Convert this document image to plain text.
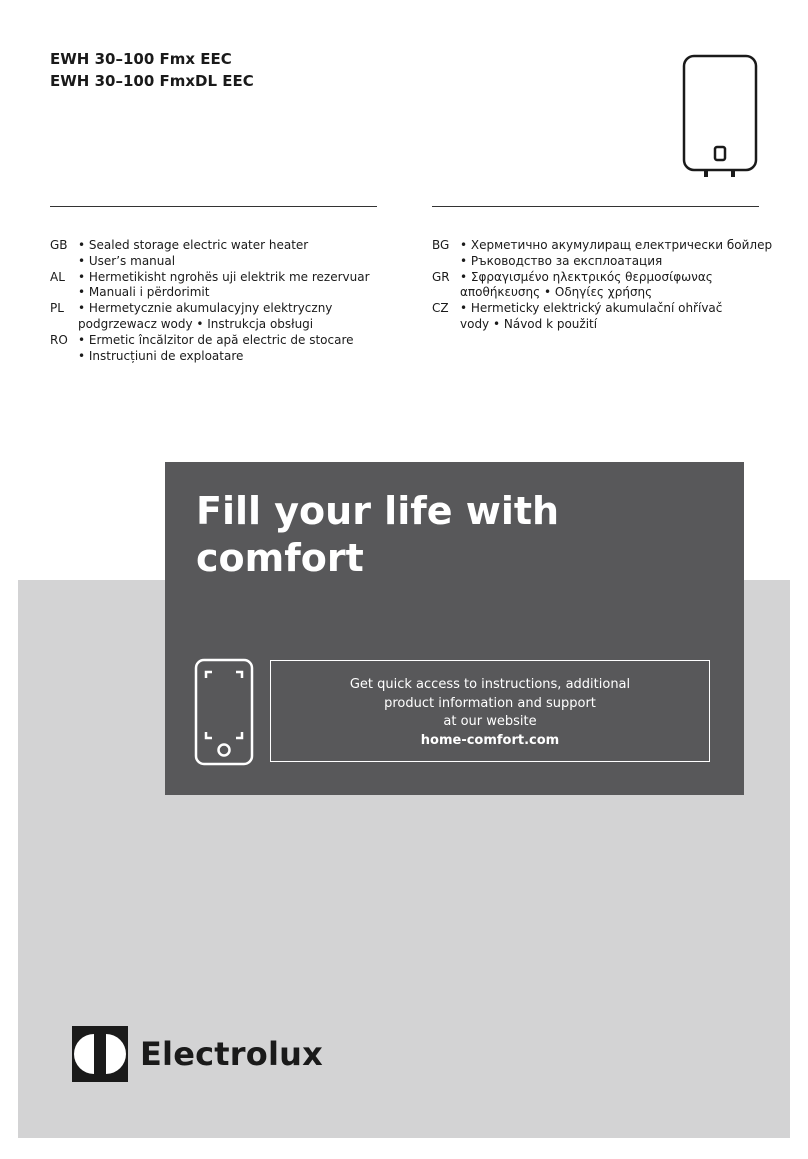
EWH 30–100 Fmx EEC
EWH 30–100 FmxDL EEC
GB • Sealed storage electric water heater
• User’s manual
AL • Hermetikisht ngrohës uji elektrik me rezervuar
• Manuali i përdorimit
PL • Hermetycznie akumulacyjny elektryczny
podgrzewacz wody • Instrukcja obsługi
RO • Ermetic încălzitor de apă electric de stocare
• Instrucțiuni de exploatare
BG • Херметично акумулиращ електрически бойлер
• Ръководство за експлоатация
GR • Σφραγισμένο ηλεκτρικός θερμοσίφωνας
αποθήκευσης • Οδηγίες χρήσης
CZ • Hermeticky elektrický akumulační ohřívač
vody • Návod k použití
Fill your life with
comfort
Get quick access to instructions, additional
product information and support
at our website
home-comfort.com
Electrolux
